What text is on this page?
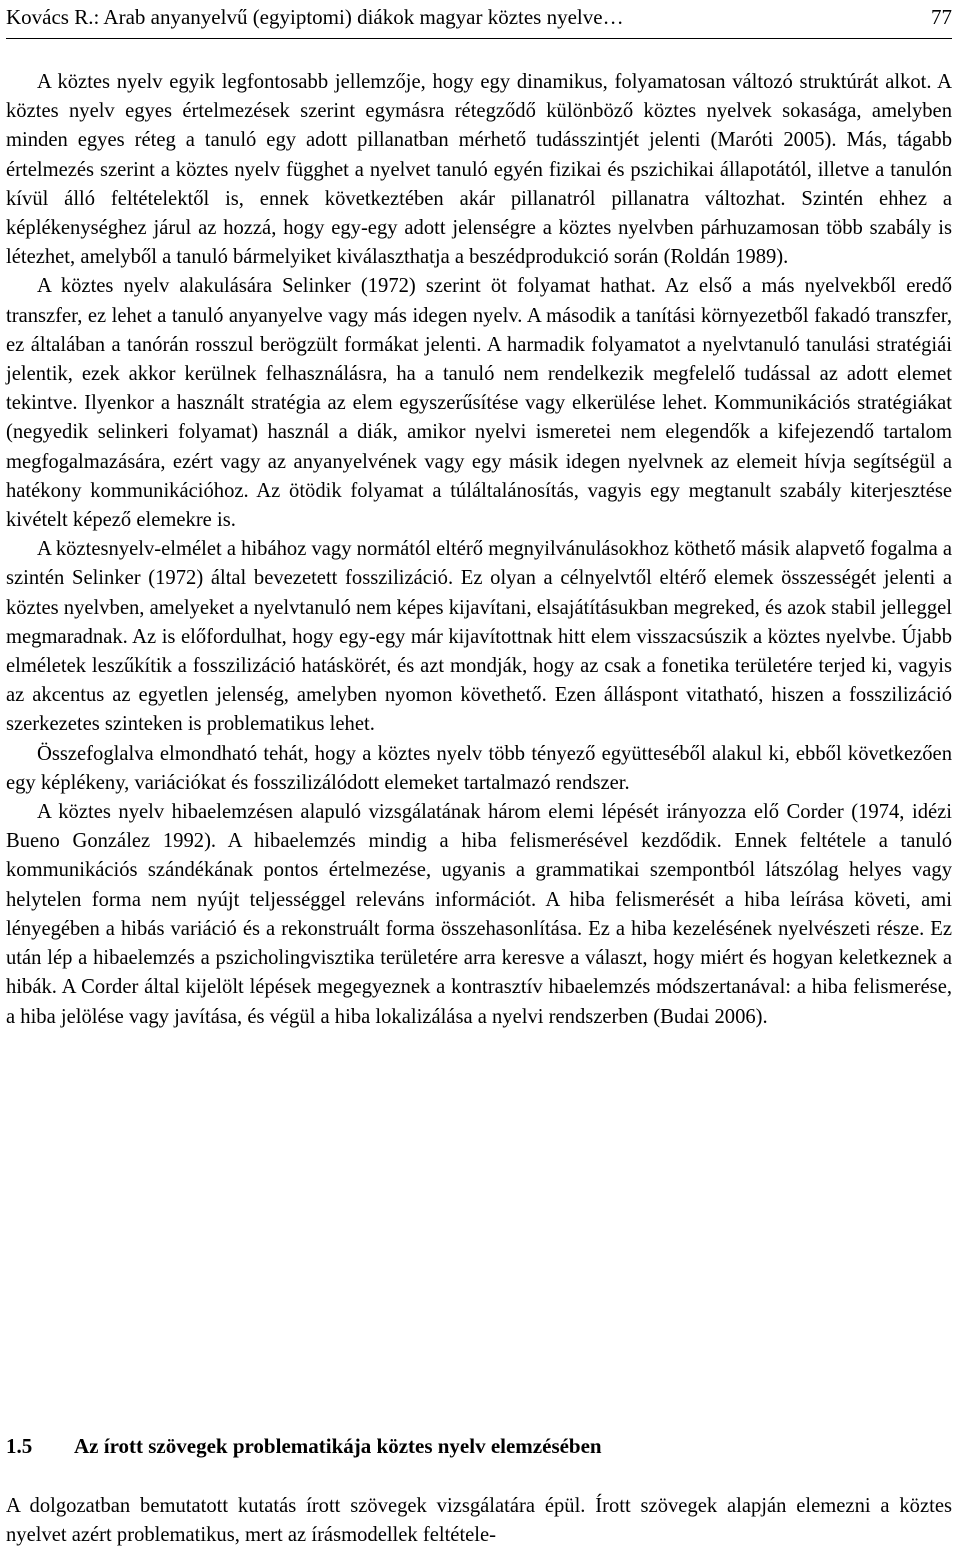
Kovács R.: Arab anyanyelvű (egyiptomi) diákok magyar köztes nyelve…	77

A köztes nyelv egyik legfontosabb jellemzője, hogy egy dinamikus, folyamatosan változó struktúrát alkot. A köztes nyelv egyes értelmezések szerint egymásra rétegződő különböző köztes nyelvek sokasága, amelyben minden egyes réteg a tanuló egy adott pillanatban mérhető tudásszintjét jelenti (Maróti 2005). Más, tágabb értelmezés szerint a köztes nyelv függhet a nyelvet tanuló egyén fizikai és pszichikai állapotától, illetve a tanulón kívül álló feltételektől is, ennek következtében akár pillanatról pillanatra változhat. Szintén ehhez a képlékenységhez járul az hozzá, hogy egy-egy adott jelenségre a köztes nyelvben párhuzamosan több szabály is létezhet, amelyből a tanuló bármelyiket kiválaszthatja a beszédprodukció során (Roldán 1989).

A köztes nyelv alakulására Selinker (1972) szerint öt folyamat hathat. Az első a más nyelvekből eredő transzfer, ez lehet a tanuló anyanyelve vagy más idegen nyelv. A második a tanítási környezetből fakadó transzfer, ez általában a tanórán rosszul berögzült formákat jelenti. A harmadik folyamatot a nyelvtanuló tanulási stratégiái jelentik, ezek akkor kerülnek felhasználásra, ha a tanuló nem rendelkezik megfelelő tudással az adott elemet tekintve. Ilyenkor a használt stratégia az elem egyszerűsítése vagy elkerülése lehet. Kommunikációs stratégiákat (negyedik selinkeri folyamat) használ a diák, amikor nyelvi ismeretei nem elegendők a kifejezendő tartalom megfogalmazására, ezért vagy az anyanyelvének vagy egy másik idegen nyelvnek az elemeit hívja segítségül a hatékony kommunikációhoz. Az ötödik folyamat a túláltalánosítás, vagyis egy megtanult szabály kiterjesztése kivételt képező elemekre is.

A köztesnyelv-elmélet a hibához vagy normától eltérő megnyilvánulásokhoz köthető másik alapvető fogalma a szintén Selinker (1972) által bevezetett fosszilizáció. Ez olyan a célnyelvtől eltérő elemek összességét jelenti a köztes nyelvben, amelyeket a nyelvtanuló nem képes kijavítani, elsajátításukban megreked, és azok stabil jelleggel megmaradnak. Az is előfordulhat, hogy egy-egy már kijavítottnak hitt elem visszacsúszik a köztes nyelvbe. Újabb elméletek leszűkítik a fosszilizáció hatáskörét, és azt mondják, hogy az csak a fonetika területére terjed ki, vagyis az akcentus az egyetlen jelenség, amelyben nyomon követhető. Ezen álláspont vitatható, hiszen a fosszilizáció szerkezetes szinteken is problematikus lehet.

Összefoglalva elmondható tehát, hogy a köztes nyelv több tényező együtteséből alakul ki, ebből következően egy képlékeny, variációkat és fosszilizálódott elemeket tartalmazó rendszer.

A köztes nyelv hibaelemzésen alapuló vizsgálatának három elemi lépését irányozza elő Corder (1974, idézi Bueno González 1992). A hibaelemzés mindig a hiba felismerésével kezdődik. Ennek feltétele a tanuló kommunikációs szándékának pontos értelmezése, ugyanis a grammatikai szempontból látszólag helyes vagy helytelen forma nem nyújt teljességgel releváns információt. A hiba felismerését a hiba leírása követi, ami lényegében a hibás variáció és a rekonstruált forma összehasonlítása. Ez a hiba kezelésének nyelvészeti része. Ez után lép a hibaelemzés a pszicholingvisztika területére arra keresve a választ, hogy miért és hogyan keletkeznek a hibák. A Corder által kijelölt lépések megegyeznek a kontrasztív hibaelemzés módszertanával: a hiba felismerése, a hiba jelölése vagy javítása, és végül a hiba lokalizálása a nyelvi rendszerben (Budai 2006).

1.5 Az írott szövegek problematikája köztes nyelv elemzésében

A dolgozatban bemutatott kutatás írott szövegek vizsgálatára épül. Írott szövegek alapján elemezni a köztes nyelvet azért problematikus, mert az írásmodellek feltétele-
